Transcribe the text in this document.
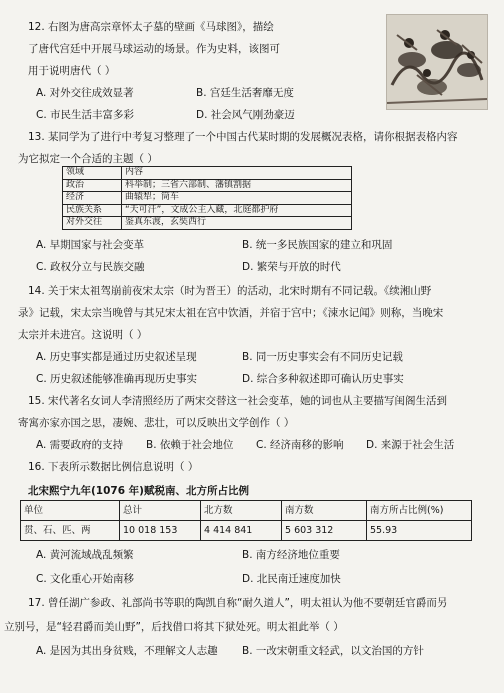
12. 右图为唐高宗章怀太子墓的壁画《马球图》，描绘
了唐代宫廷中开展马球运动的场景。作为史料，该图可
用于说明唐代（ ）
A. 对外交往成效显著	B. 宫廷生活奢靡无度
C. 市民生活丰富多彩	D. 社会风气刚劲豪迈
13. 某同学为了进行中考复习整理了一个中国古代某时期的发展概况表格，请你根据表格内容
为它拟定一个合适的主题（ ）
领域	内容
政治	科举制；三省六部制、藩镇割据
经济	曲辕犁；筒车
民族关系	“天可汗”，文成公主入藏，北庭都护府
对外交往	鉴真东渡，玄奘西行
A. 早期国家与社会变革	B. 统一多民族国家的建立和巩固
C. 政权分立与民族交融	D. 繁荣与开放的时代
14. 关于宋太祖驾崩前夜宋太宗（时为晋王）的活动，北宋时期有不同记载。《续湘山野
录》记载，宋太宗当晚曾与其兄宋太祖在宫中饮酒，并宿于宫中；《涑水记闻》则称，当晚宋
太宗并未进宫。这说明（ ）
A. 历史事实都是通过历史叙述呈现	B. 同一历史事实会有不同历史记载
C. 历史叙述能够准确再现历史事实	D. 综合多种叙述即可确认历史事实
15. 宋代著名女词人李清照经历了两宋交替这一社会变革，她的词也从主要描写闺阁生活到
寄寓亦家亦国之思，凄婉、悲壮，可以反映出文学创作（ ）
A. 需要政府的支持 B. 依赖于社会地位 C. 经济南移的影响 D. 来源于社会生活
16. 下表所示数据比例信息说明（ ）
北宋熙宁九年(1076 年)赋税南、北方所占比例
单位	总计	北方数	南方数	南方所占比例(%)
贯、石、匹、两	10 018 153	4 414 841	5 603 312	55.93
A. 黄河流域战乱频繁	B. 南方经济地位重要
C. 文化重心开始南移	D. 北民南迁速度加快
17. 曾任湖广参政、礼部尚书等职的陶凯自称“耐久道人”，明太祖认为他不要朝廷官爵而另
立别号，是“轻君爵而美山野”，后找借口将其下狱处死。明太祖此举（ ）
A. 是因为其出身贫贱，不理解文人志趣 B. 一改宋朝重文轻武，以文治国的方针
